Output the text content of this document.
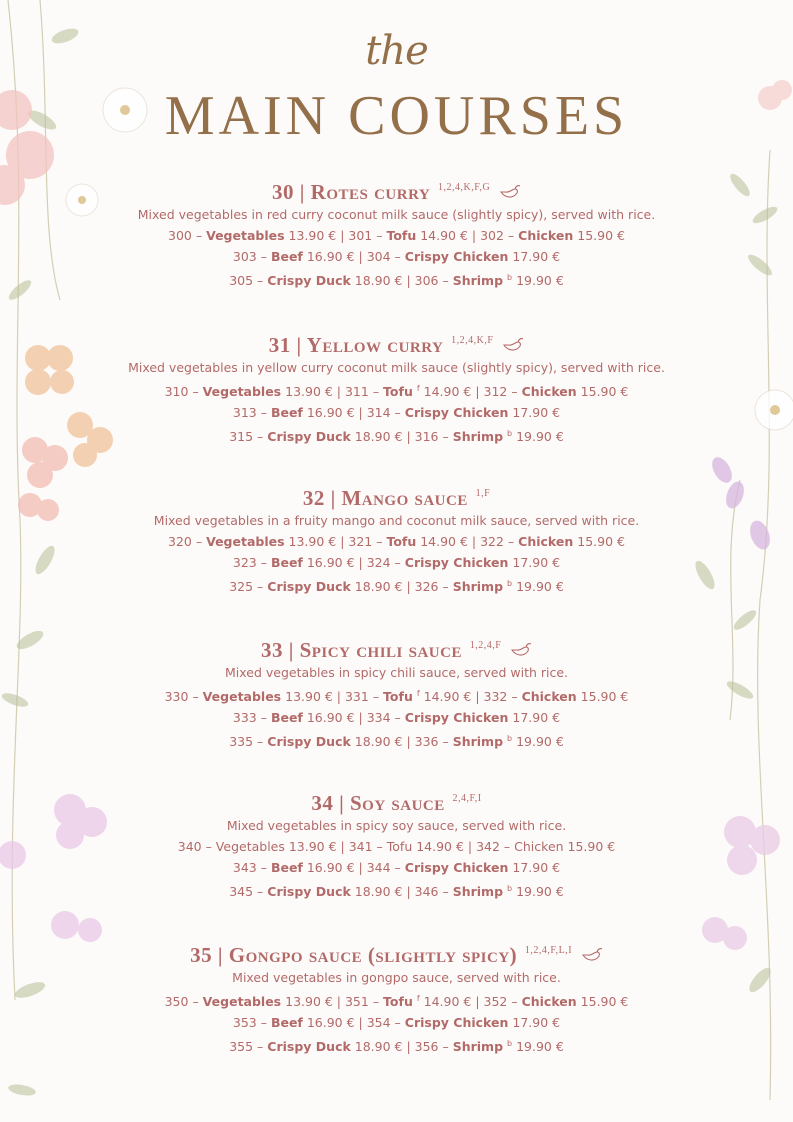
the
MAIN COURSES
30 | Rotes curry $^{1,2,4,K,F,G}$
Mixed vegetables in red curry coconut milk sauce (slightly spicy), served with rice.
300 – Vegetables 13.90 € | 301 – Tofu 14.90 € | 302 – Chicken 15.90 €
303 – Beef 16.90 € | 304 – Crispy Chicken 17.90 €
305 – Crispy Duck 18.90 € | 306 – Shrimp $^b$ 19.90 €
31 | Yellow curry $^{1,2,4,K,F}$
Mixed vegetables in yellow curry coconut milk sauce (slightly spicy), served with rice.
310 – Vegetables 13.90 € | 311 – Tofu $^f$ 14.90 € | 312 – Chicken 15.90 €
313 – Beef 16.90 € | 314 – Crispy Chicken 17.90 €
315 – Crispy Duck 18.90 € | 316 – Shrimp $^b$ 19.90 €
32 | Mango sauce $^{1,F}$
Mixed vegetables in a fruity mango and coconut milk sauce, served with rice.
320 – Vegetables 13.90 € | 321 – Tofu 14.90 € | 322 – Chicken 15.90 €
323 – Beef 16.90 € | 324 – Crispy Chicken 17.90 €
325 – Crispy Duck 18.90 € | 326 – Shrimp $^b$ 19.90 €
33 | Spicy chili sauce $^{1,2,4,F}$
Mixed vegetables in spicy chili sauce, served with rice.
330 – Vegetables 13.90 € | 331 – Tofu $^f$ 14.90 € | 332 – Chicken 15.90 €
333 – Beef 16.90 € | 334 – Crispy Chicken 17.90 €
335 – Crispy Duck 18.90 € | 336 – Shrimp $^b$ 19.90 €
34 | Soy sauce $^{2,4,F,I}$
Mixed vegetables in spicy soy sauce, served with rice.
340 – Vegetables 13.90 € | 341 – Tofu 14.90 € | 342 – Chicken 15.90 €
343 – Beef 16.90 € | 344 – Crispy Chicken 17.90 €
345 – Crispy Duck 18.90 € | 346 – Shrimp $^b$ 19.90 €
35 | Gongpo sauce (slightly spicy) $^{1,2,4,F,L,I}$
Mixed vegetables in gongpo sauce, served with rice.
350 – Vegetables 13.90 € | 351 – Tofu $^f$ 14.90 € | 352 – Chicken 15.90 €
353 – Beef 16.90 € | 354 – Crispy Chicken 17.90 €
355 – Crispy Duck 18.90 € | 356 – Shrimp $^b$ 19.90 €
